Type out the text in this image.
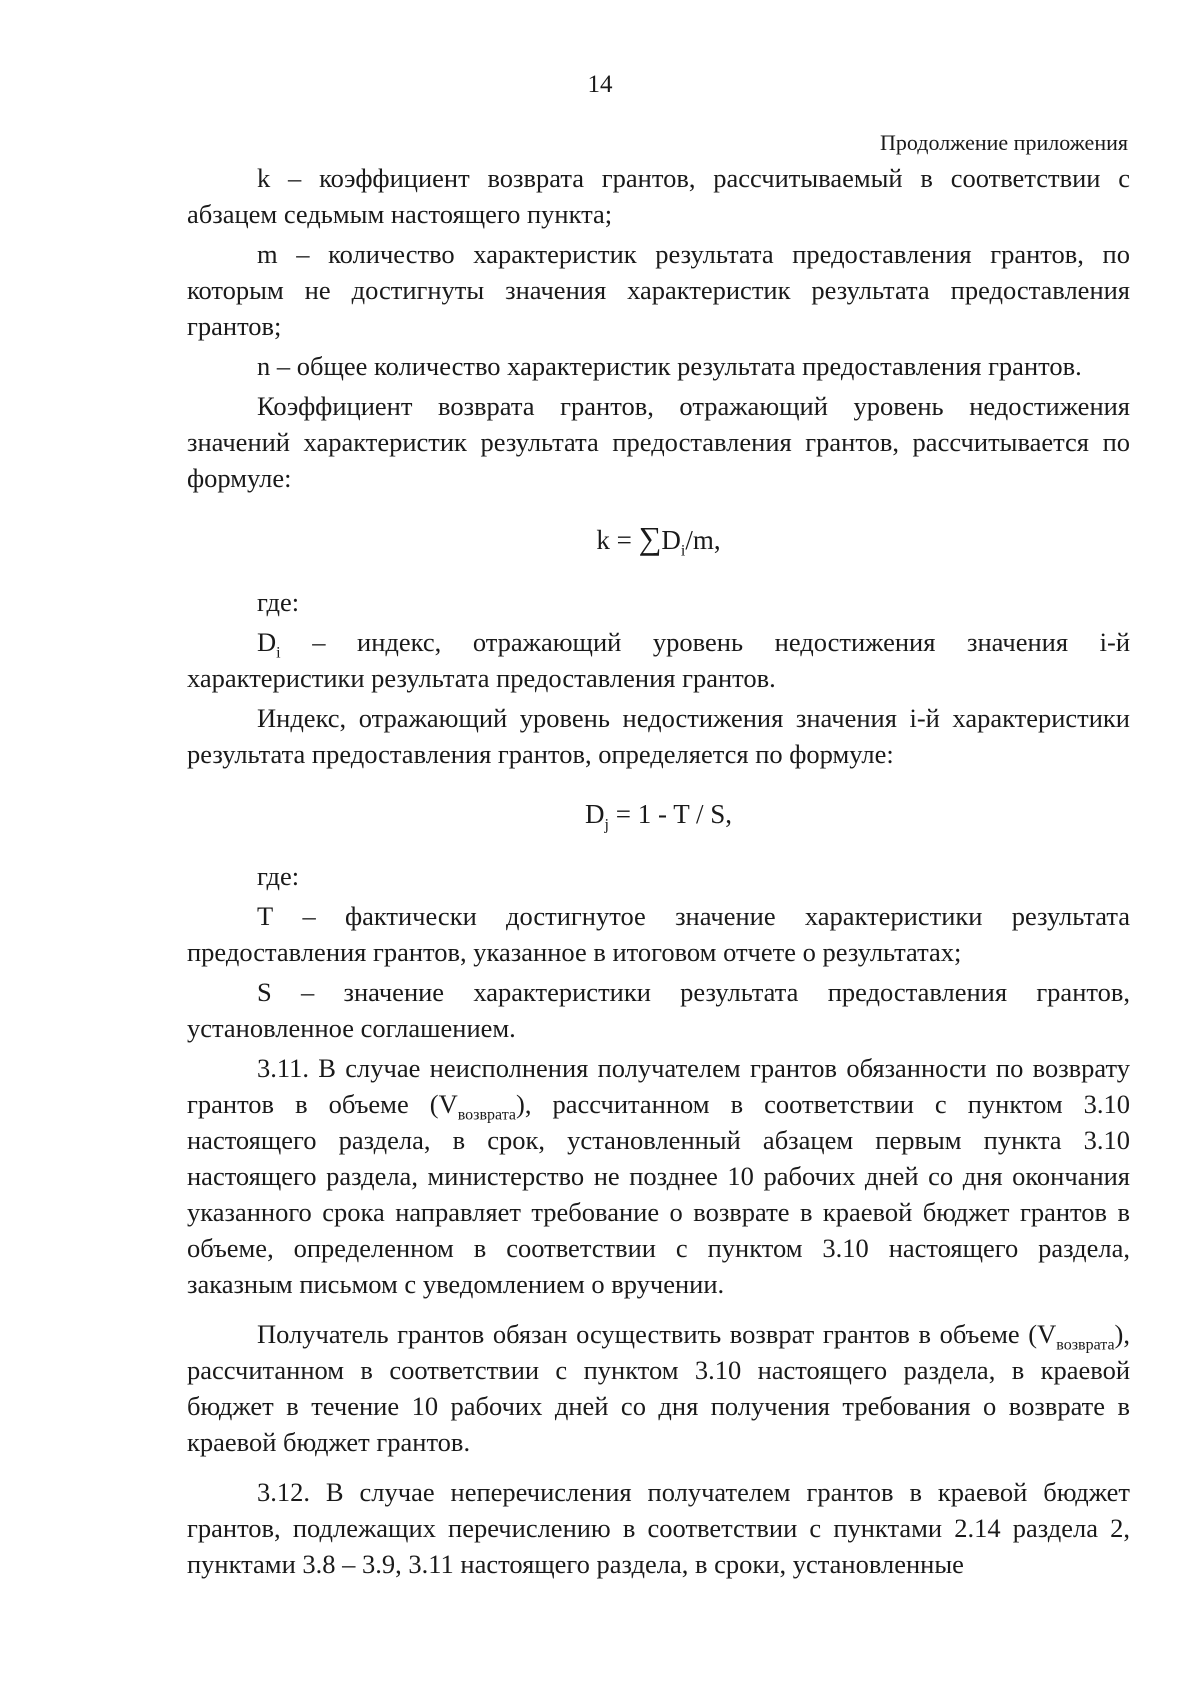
14
Продолжение приложения

k – коэффициент возврата грантов, рассчитываемый в соответствии с абзацем седьмым настоящего пункта;

m – количество характеристик результата предоставления грантов, по которым не достигнуты значения характеристик результата предоставления грантов;

n – общее количество характеристик результата предоставления грантов.

Коэффициент возврата грантов, отражающий уровень недостижения значений характеристик результата предоставления грантов, рассчитывается по формуле:

$k = \sum D_i/m$,

где:

$D_i$ – индекс, отражающий уровень недостижения значения i-й характеристики результата предоставления грантов.

Индекс, отражающий уровень недостижения значения i-й характеристики результата предоставления грантов, определяется по формуле:

$D_j = 1 - T / S$,

где:

Т – фактически достигнутое значение характеристики результата предоставления грантов, указанное в итоговом отчете о результатах;

S – значение характеристики результата предоставления грантов, установленное соглашением.

3.11. В случае неисполнения получателем грантов обязанности по возврату грантов в объеме $(V_{возврата})$, рассчитанном в соответствии с пунктом 3.10 настоящего раздела, в срок, установленный абзацем первым пункта 3.10 настоящего раздела, министерство не позднее 10 рабочих дней со дня окончания указанного срока направляет требование о возврате в краевой бюджет грантов в объеме, определенном в соответствии с пунктом 3.10 настоящего раздела, заказным письмом с уведомлением о вручении.

Получатель грантов обязан осуществить возврат грантов в объеме $(V_{возврата})$, рассчитанном в соответствии с пунктом 3.10 настоящего раздела, в краевой бюджет в течение 10 рабочих дней со дня получения требования о возврате в краевой бюджет грантов.

3.12. В случае неперечисления получателем грантов в краевой бюджет грантов, подлежащих перечислению в соответствии с пунктами 2.14 раздела 2, пунктами 3.8 – 3.9, 3.11 настоящего раздела, в сроки, установленные
